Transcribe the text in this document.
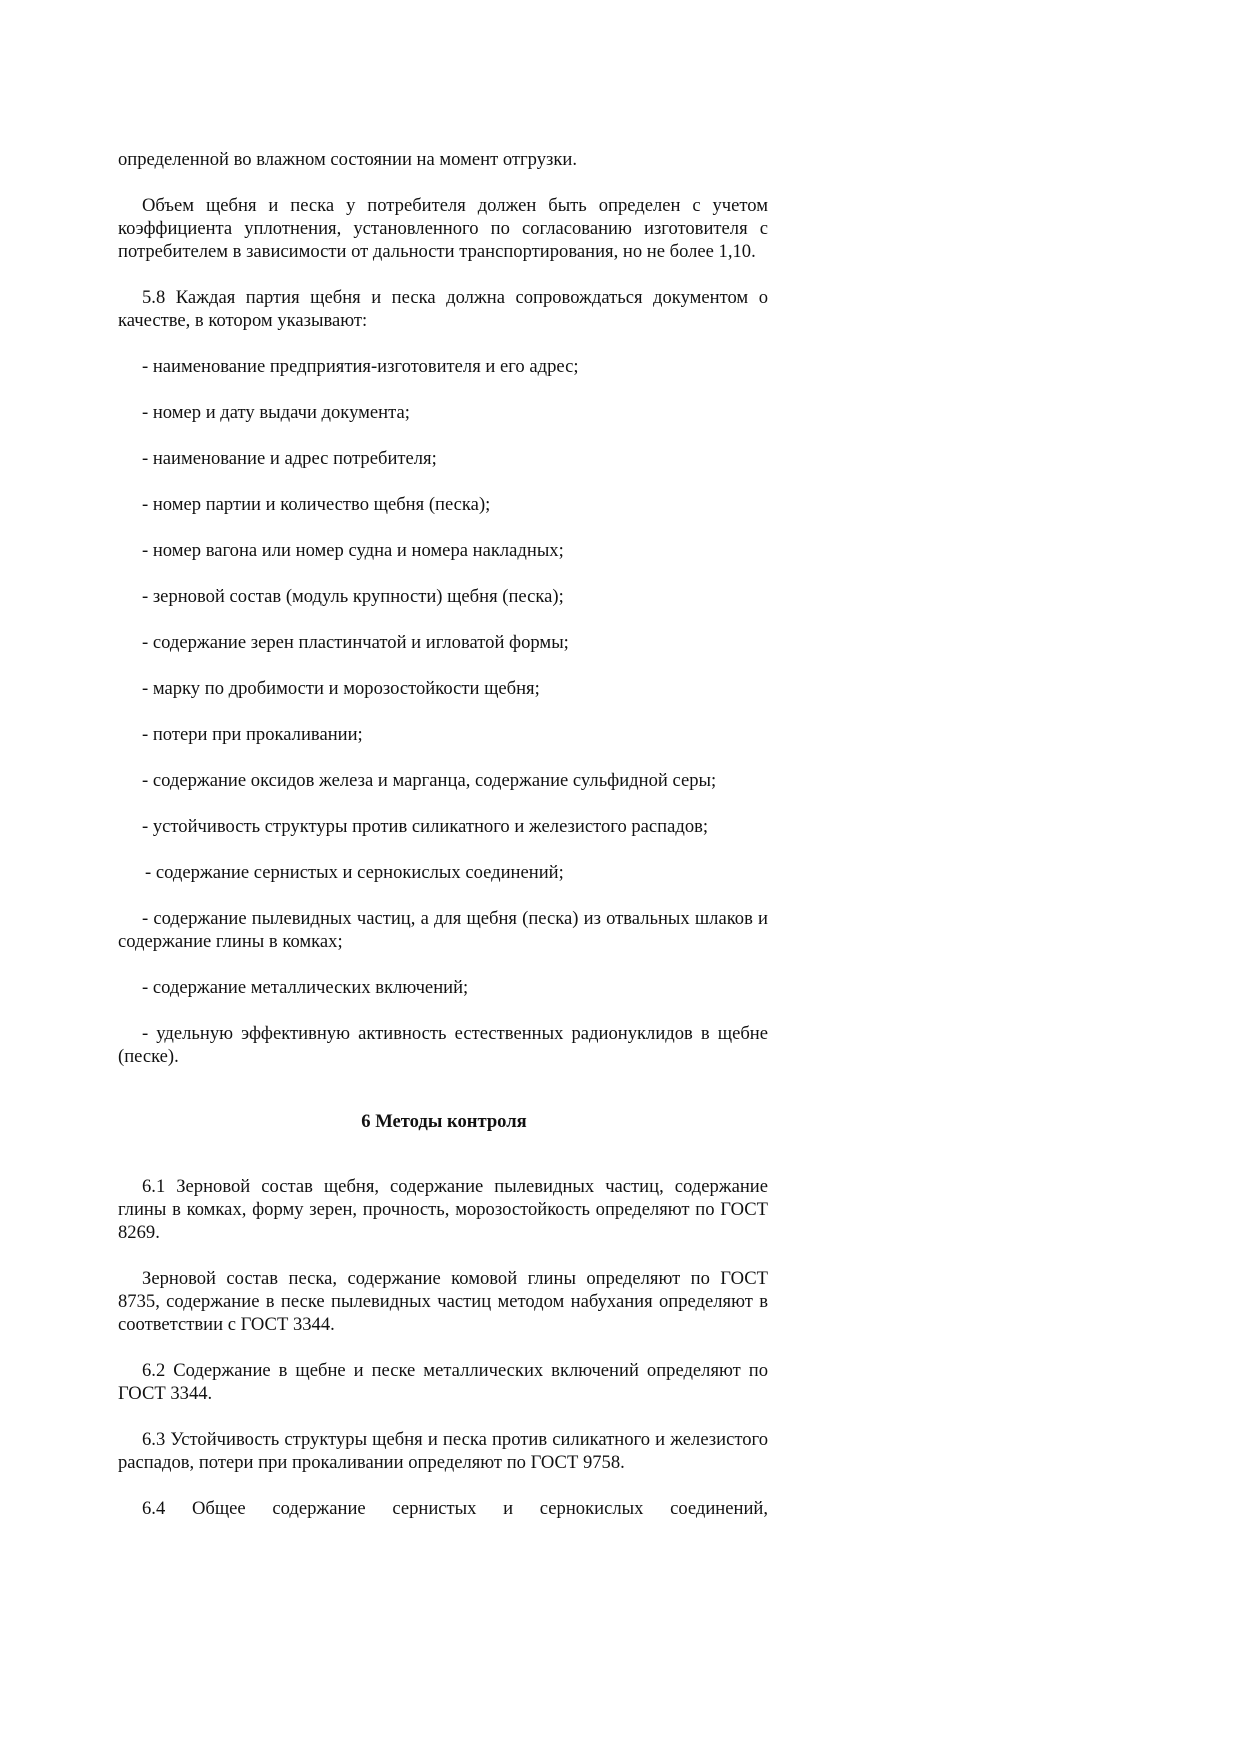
определенной во влажном состоянии на момент отгрузки.

Объем щебня и песка у потребителя должен быть определен с учетом коэффициента уплотнения, установленного по согласованию изготовителя с потребителем в зависимости от дальности транспортирования, но не более 1,10.

5.8 Каждая партия щебня и песка должна сопровождаться документом о качестве, в котором указывают:

- наименование предприятия-изготовителя и его адрес;

- номер и дату выдачи документа;

- наименование и адрес потребителя;

- номер партии и количество щебня (песка);

- номер вагона или номер судна и номера накладных;

- зерновой состав (модуль крупности) щебня (песка);

- содержание зерен пластинчатой и игловатой формы;

- марку по дробимости и морозостойкости щебня;

- потери при прокаливании;

- содержание оксидов железа и марганца, содержание сульфидной серы;

- устойчивость структуры против силикатного и железистого распадов;

- содержание сернистых и сернокислых соединений;

- содержание пылевидных частиц, а для щебня (песка) из отвальных шлаков и содержание глины в комках;

- содержание металлических включений;

- удельную эффективную активность естественных радионуклидов в щебне (песке).

6 Методы контроля

6.1 Зерновой состав щебня, содержание пылевидных частиц, содержание глины в комках, форму зерен, прочность, морозостойкость определяют по ГОСТ 8269.

Зерновой состав песка, содержание комовой глины определяют по ГОСТ 8735, содержание в песке пылевидных частиц методом набухания определяют в соответствии с ГОСТ 3344.

6.2 Содержание в щебне и песке металлических включений определяют по ГОСТ 3344.

6.3 Устойчивость структуры щебня и песка против силикатного и железистого распадов, потери при прокаливании определяют по ГОСТ 9758.

6.4 Общее содержание сернистых и сернокислых соединений,
